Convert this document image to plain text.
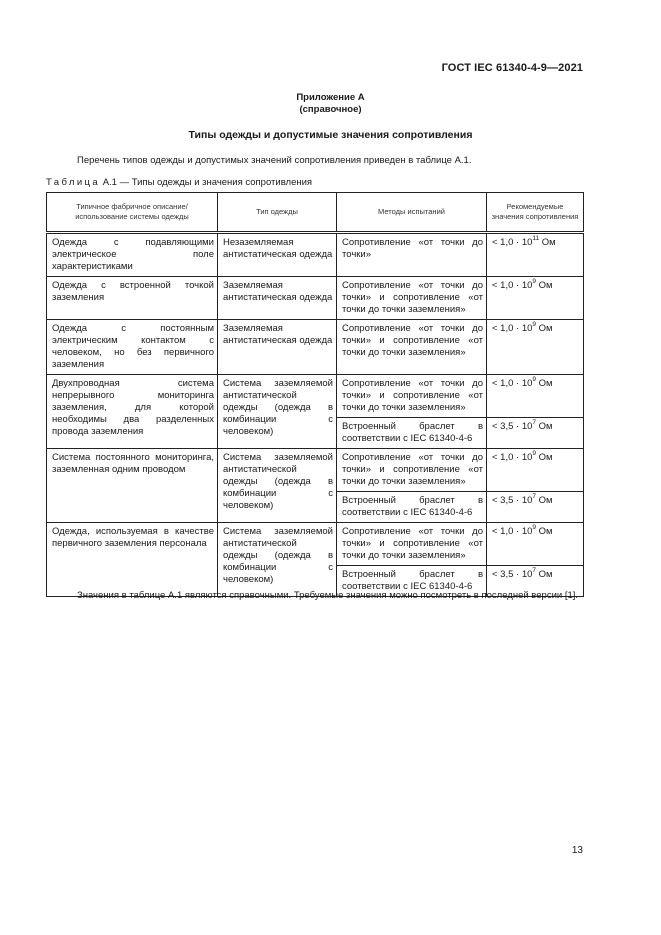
ГОСТ IEC 61340-4-9—2021
Приложение А
(справочное)
Типы одежды и допустимые значения сопротивления
Перечень типов одежды и допустимых значений сопротивления приведен в таблице А.1.
Таблица А.1 — Типы одежды и значения сопротивления
Типичное фабричное описание/ использование системы одежды	Тип одежды	Методы испытаний	Рекомендуемые значения сопротивления
Одежда с подавляющими электрическое поле характеристиками	Незаземляемая антистатическая одежда	Сопротивление «от точки до точки»	< $1,0 \cdot 10^{11}$ Ом
Одежда с встроенной точкой заземления	Заземляемая антистатическая одежда	Сопротивление «от точки до точки» и сопротивление «от точки до точки заземления»	< $1,0 \cdot 10^9$ Ом
Одежда с постоянным электрическим контактом с человеком, но без первичного заземления	Заземляемая антистатическая одежда	Сопротивление «от точки до точки» и сопротивление «от точки до точки заземления»	< $1,0 \cdot 10^9$ Ом
Двухпроводная система непрерывного мониторинга заземления, для которой необходимы два разделенных провода заземления	Система заземляемой антистатической одежды (одежда в комбинации с человеком)	Сопротивление «от точки до точки» и сопротивление «от точки до точки заземления»	< $1,0 \cdot 10^9$ Ом
		Встроенный браслет в соответствии с IEC 61340-4-6	< $3,5 \cdot 10^7$ Ом
Система постоянного мониторинга, заземленная одним проводом	Система заземляемой антистатической одежды (одежда в комбинации с человеком)	Сопротивление «от точки до точки» и сопротивление «от точки до точки заземления»	< $1,0 \cdot 10^9$ Ом
		Встроенный браслет в соответствии с IEC 61340-4-6	< $3,5 \cdot 10^7$ Ом
Одежда, используемая в качестве первичного заземления персонала	Система заземляемой антистатической одежды (одежда в комбинации с человеком)	Сопротивление «от точки до точки» и сопротивление «от точки до точки заземления»	< $1,0 \cdot 10^9$ Ом
		Встроенный браслет в соответствии с IEC 61340-4-6	< $3,5 \cdot 10^7$ Ом
Значения в таблице А.1 являются справочными. Требуемые значения можно посмотреть в последней версии [1].
13
